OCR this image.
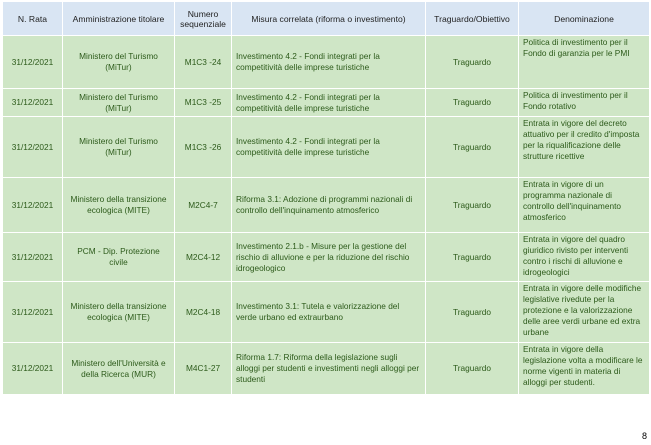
N. Rata	Amministrazione titolare	Numero sequenziale	Misura correlata (riforma o investimento)	Traguardo/Obiettivo	Denominazione
31/12/2021	Ministero del Turismo (MiTur)	M1C3 -24	Investimento 4.2 - Fondi integrati per la competitività delle imprese turistiche	Traguardo	Politica di investimento per il Fondo di garanzia per le PMI
31/12/2021	Ministero del Turismo (MiTur)	M1C3 -25	Investimento 4.2 - Fondi integrati per la competitività delle imprese turistiche	Traguardo	Politica di investimento per il Fondo rotativo
31/12/2021	Ministero del Turismo (MiTur)	M1C3 -26	Investimento 4.2 - Fondi integrati per la competitività delle imprese turistiche	Traguardo	Entrata in vigore del decreto attuativo per il credito d'imposta per la riqualificazione delle strutture ricettive
31/12/2021	Ministero della transizione ecologica (MITE)	M2C4-7	Riforma 3.1: Adozione di programmi nazionali di controllo dell'inquinamento atmosferico	Traguardo	Entrata in vigore di un programma nazionale di controllo dell'inquinamento atmosferico
31/12/2021	PCM - Dip. Protezione civile	M2C4-12	Investimento 2.1.b - Misure per la gestione del rischio di alluvione e per la riduzione del rischio idrogeologico	Traguardo	Entrata in vigore del quadro giuridico rivisto per interventi contro i rischi di alluvione e idrogeologici
31/12/2021	Ministero della transizione ecologica (MITE)	M2C4-18	Investimento 3.1: Tutela e valorizzazione del verde urbano ed extraurbano	Traguardo	Entrata in vigore delle modifiche legislative rivedute per la protezione e la valorizzazione delle aree verdi urbane ed extra urbane
31/12/2021	Ministero dell'Università e della Ricerca (MUR)	M4C1-27	Riforma 1.7: Riforma della legislazione sugli alloggi per studenti e investimenti negli alloggi per studenti	Traguardo	Entrata in vigore della legislazione volta a modificare le norme vigenti in materia di alloggi per studenti.
8
